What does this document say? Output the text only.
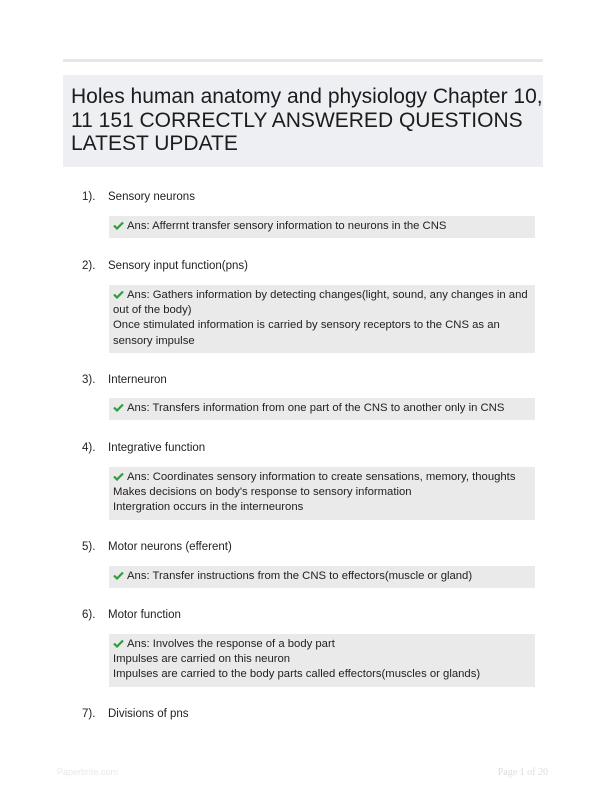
Holes human anatomy and physiology Chapter 10, 11 151 CORRECTLY ANSWERED QUESTIONS LATEST UPDATE
1).	Sensory neurons
Ans: Afferrnt transfer sensory information to neurons in the CNS
2).	Sensory input function(pns)
Ans: Gathers information by detecting changes(light, sound, any changes in and out of the body)
Once stimulated information is carried by sensory receptors to the CNS as an sensory impulse
3).	Interneuron
Ans: Transfers information from one part of the CNS to another only in CNS
4).	Integrative function
Ans: Coordinates sensory information to create sensations, memory, thoughts
Makes decisions on body's response to sensory information
Intergration occurs in the interneurons
5).	Motor neurons (efferent)
Ans: Transfer instructions from the CNS to effectors(muscle or gland)
6).	Motor function
Ans: Involves the response of a body part
Impulses are carried on this neuron
Impulses are carried to the body parts called effectors(muscles or glands)
7).	Divisions of pns
Paperbrite.com	Page 1 of 20
